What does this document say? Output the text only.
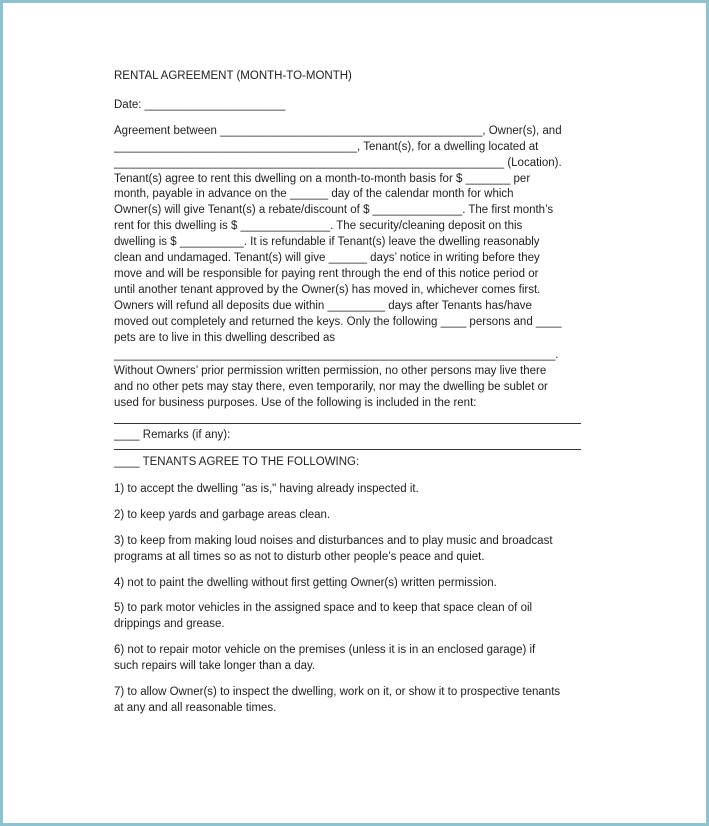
RENTAL AGREEMENT (MONTH-TO-MONTH)
Date: ______________________
Agreement between _________________________________________, Owner(s), and
______________________________________, Tenant(s), for a dwelling located at
_____________________________________________________________ (Location).
Tenant(s) agree to rent this dwelling on a month-to-month basis for $ _______ per
month, payable in advance on the ______ day of the calendar month for which
Owner(s) will give Tenant(s) a rebate/discount of $ ______________. The first month’s
rent for this dwelling is $ ______________. The security/cleaning deposit on this
dwelling is $ __________. It is refundable if Tenant(s) leave the dwelling reasonably
clean and undamaged. Tenant(s) will give ______ days’ notice in writing before they
move and will be responsible for paying rent through the end of this notice period or
until another tenant approved by the Owner(s) has moved in, whichever comes first.
Owners will refund all deposits due within _________ days after Tenants has/have
moved out completely and returned the keys. Only the following ____ persons and ____
pets are to live in this dwelling described as
_____________________________________________________________________.
Without Owners’ prior permission written permission, no other persons may live there
and no other pets may stay there, even temporarily, nor may the dwelling be sublet or
used for business purposes. Use of the following is included in the rent:
____ Remarks (if any):
____ TENANTS AGREE TO THE FOLLOWING:
1) to accept the dwelling "as is," having already inspected it.
2) to keep yards and garbage areas clean.
3) to keep from making loud noises and disturbances and to play music and broadcast
programs at all times so as not to disturb other people’s peace and quiet.
4) not to paint the dwelling without first getting Owner(s) written permission.
5) to park motor vehicles in the assigned space and to keep that space clean of oil
drippings and grease.
6) not to repair motor vehicle on the premises (unless it is in an enclosed garage) if
such repairs will take longer than a day.
7) to allow Owner(s) to inspect the dwelling, work on it, or show it to prospective tenants
at any and all reasonable times.
